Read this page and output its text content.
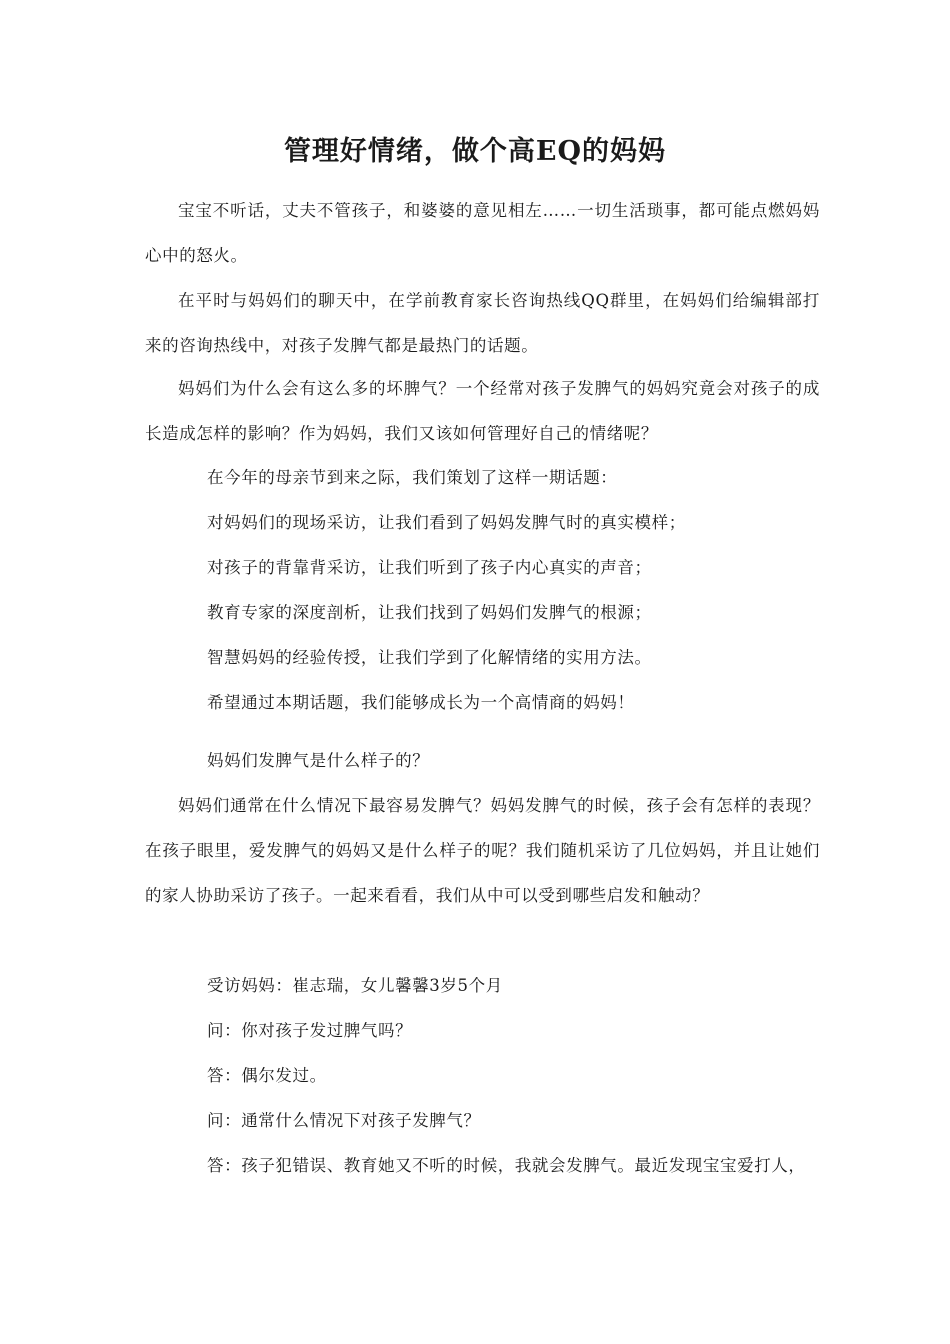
管理好情绪，做个高EQ的妈妈

宝宝不听话，丈夫不管孩子，和婆婆的意见相左……一切生活琐事，都可能点燃妈妈心中的怒火。

在平时与妈妈们的聊天中，在学前教育家长咨询热线QQ群里，在妈妈们给编辑部打来的咨询热线中，对孩子发脾气都是最热门的话题。

妈妈们为什么会有这么多的坏脾气？一个经常对孩子发脾气的妈妈究竟会对孩子的成长造成怎样的影响？作为妈妈，我们又该如何管理好自己的情绪呢？

在今年的母亲节到来之际，我们策划了这样一期话题：

对妈妈们的现场采访，让我们看到了妈妈发脾气时的真实模样；

对孩子的背靠背采访，让我们听到了孩子内心真实的声音；

教育专家的深度剖析，让我们找到了妈妈们发脾气的根源；

智慧妈妈的经验传授，让我们学到了化解情绪的实用方法。

希望通过本期话题，我们能够成长为一个高情商的妈妈！

妈妈们发脾气是什么样子的？

妈妈们通常在什么情况下最容易发脾气？妈妈发脾气的时候，孩子会有怎样的表现？在孩子眼里，爱发脾气的妈妈又是什么样子的呢？我们随机采访了几位妈妈，并且让她们的家人协助采访了孩子。一起来看看，我们从中可以受到哪些启发和触动？

受访妈妈：崔志瑞，女儿馨馨3岁5个月

问：你对孩子发过脾气吗？

答：偶尔发过。

问：通常什么情况下对孩子发脾气？

答：孩子犯错误、教育她又不听的时候，我就会发脾气。最近发现宝宝爱打人，
